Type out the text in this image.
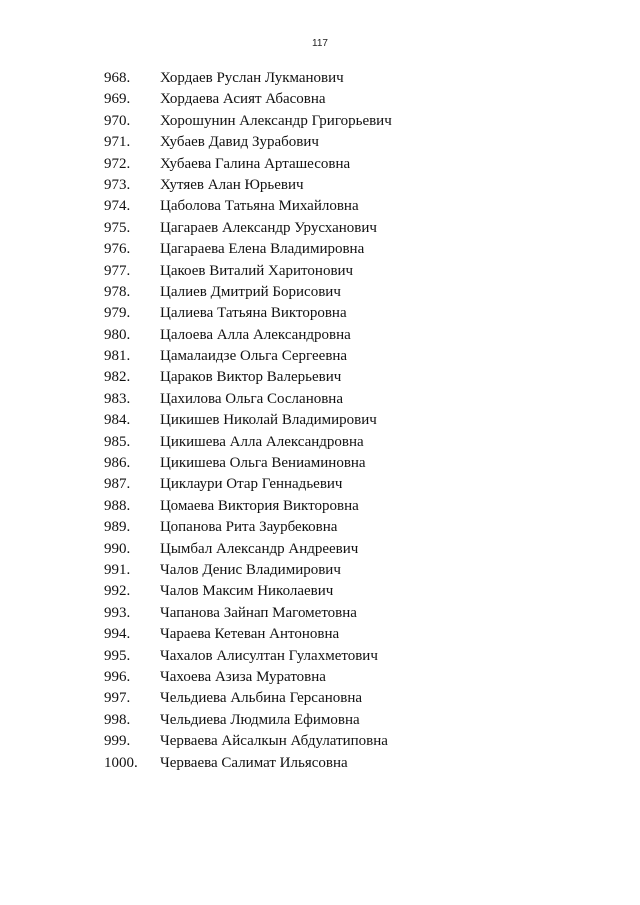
117
968. Хордаев Руслан Лукманович
969. Хордаева Асият Абасовна
970. Хорошунин Александр Григорьевич
971. Хубаев Давид Зурабович
972. Хубаева Галина Арташесовна
973. Хутяев Алан Юрьевич
974. Цаболова Татьяна Михайловна
975. Цагараев Александр Урусханович
976. Цагараева Елена Владимировна
977. Цакоев Виталий Харитонович
978. Цалиев Дмитрий Борисович
979. Цалиева Татьяна Викторовна
980. Цалоева Алла Александровна
981. Цамалаидзе Ольга Сергеевна
982. Цараков Виктор Валерьевич
983. Цахилова Ольга Сослановна
984. Цикишев Николай Владимирович
985. Цикишева Алла Александровна
986. Цикишева Ольга Вениаминовна
987. Циклаури Отар Геннадьевич
988. Цомаева Виктория Викторовна
989. Цопанова Рита Заурбековна
990. Цымбал Александр Андреевич
991. Чалов Денис Владимирович
992. Чалов Максим Николаевич
993. Чапанова Зайнап Магометовна
994. Чараева Кетеван Антоновна
995. Чахалов Алисултан Гулахметович
996. Чахоева Азиза Муратовна
997. Чельдиева Альбина Герсановна
998. Чельдиева Людмила Ефимовна
999. Черваева Айсалкын Абдулатиповна
1000. Черваева Салимат Ильясовна
